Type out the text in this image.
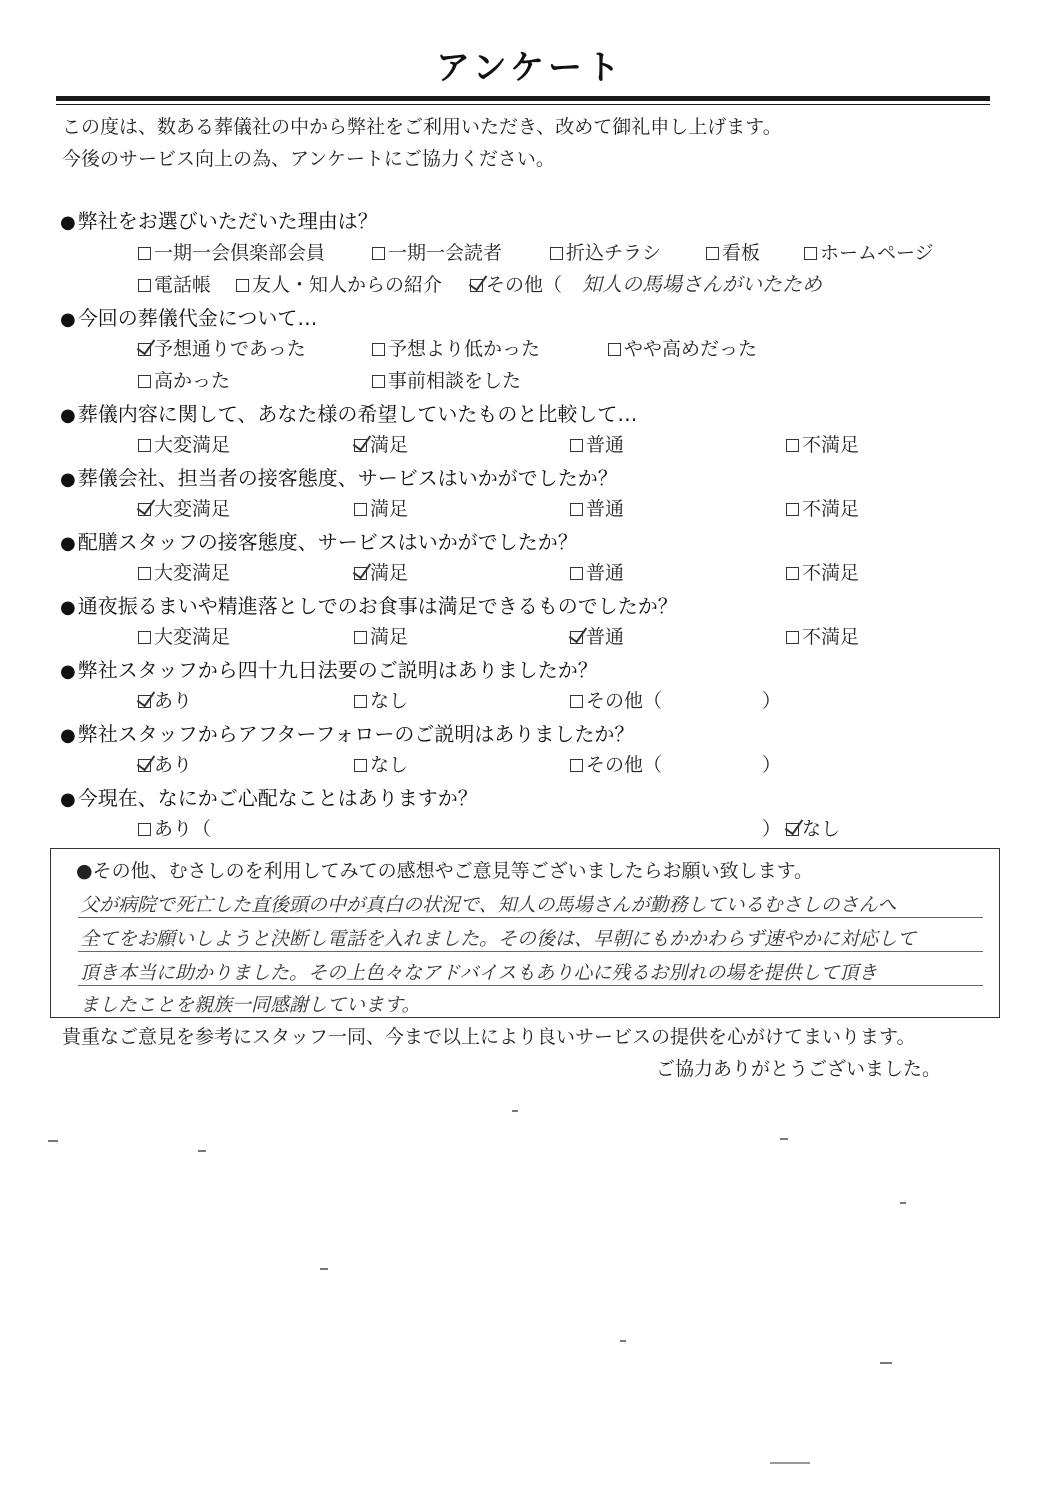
アンケート
この度は、数ある葬儀社の中から弊社をご利用いただき、改めて御礼申し上げます。
今後のサービス向上の為、アンケートにご協力ください。
● 弊社をお選びいただいた理由は？
一期一会倶楽部会員	一期一会読者	折込チラシ	看板	ホームページ
電話帳	友人・知人からの紹介	その他（ 知人の馬場さんがいたため
● 今回の葬儀代金について…
予想通りであった	予想より低かった	やや高めだった
高かった	事前相談をした
● 葬儀内容に関して、あなた様の希望していたものと比較して…
大変満足	満足	普通	不満足
● 葬儀会社、担当者の接客態度、サービスはいかがでしたか？
大変満足	満足	普通	不満足
● 配膳スタッフの接客態度、サービスはいかがでしたか？
大変満足	満足	普通	不満足
● 通夜振るまいや精進落としでのお食事は満足できるものでしたか？
大変満足	満足	普通	不満足
● 弊社スタッフから四十九日法要のご説明はありましたか？
あり	なし	その他（	）
● 弊社スタッフからアフターフォローのご説明はありましたか？
あり	なし	その他（	）
● 今現在、なにかご心配なことはありますか？
あり（	）	なし
●その他、むさしのを利用してみての感想やご意見等ございましたらお願い致します。
父が病院で死亡した直後頭の中が真白の状況で、知人の馬場さんが勤務しているむさしのさんへ
全てをお願いしようと決断し電話を入れました。その後は、早朝にもかかわらず速やかに対応して
頂き本当に助かりました。その上色々なアドバイスもあり心に残るお別れの場を提供して頂き
ましたことを親族一同感謝しています。
貴重なご意見を参考にスタッフ一同、今まで以上により良いサービスの提供を心がけてまいります。
ご協力ありがとうございました。
